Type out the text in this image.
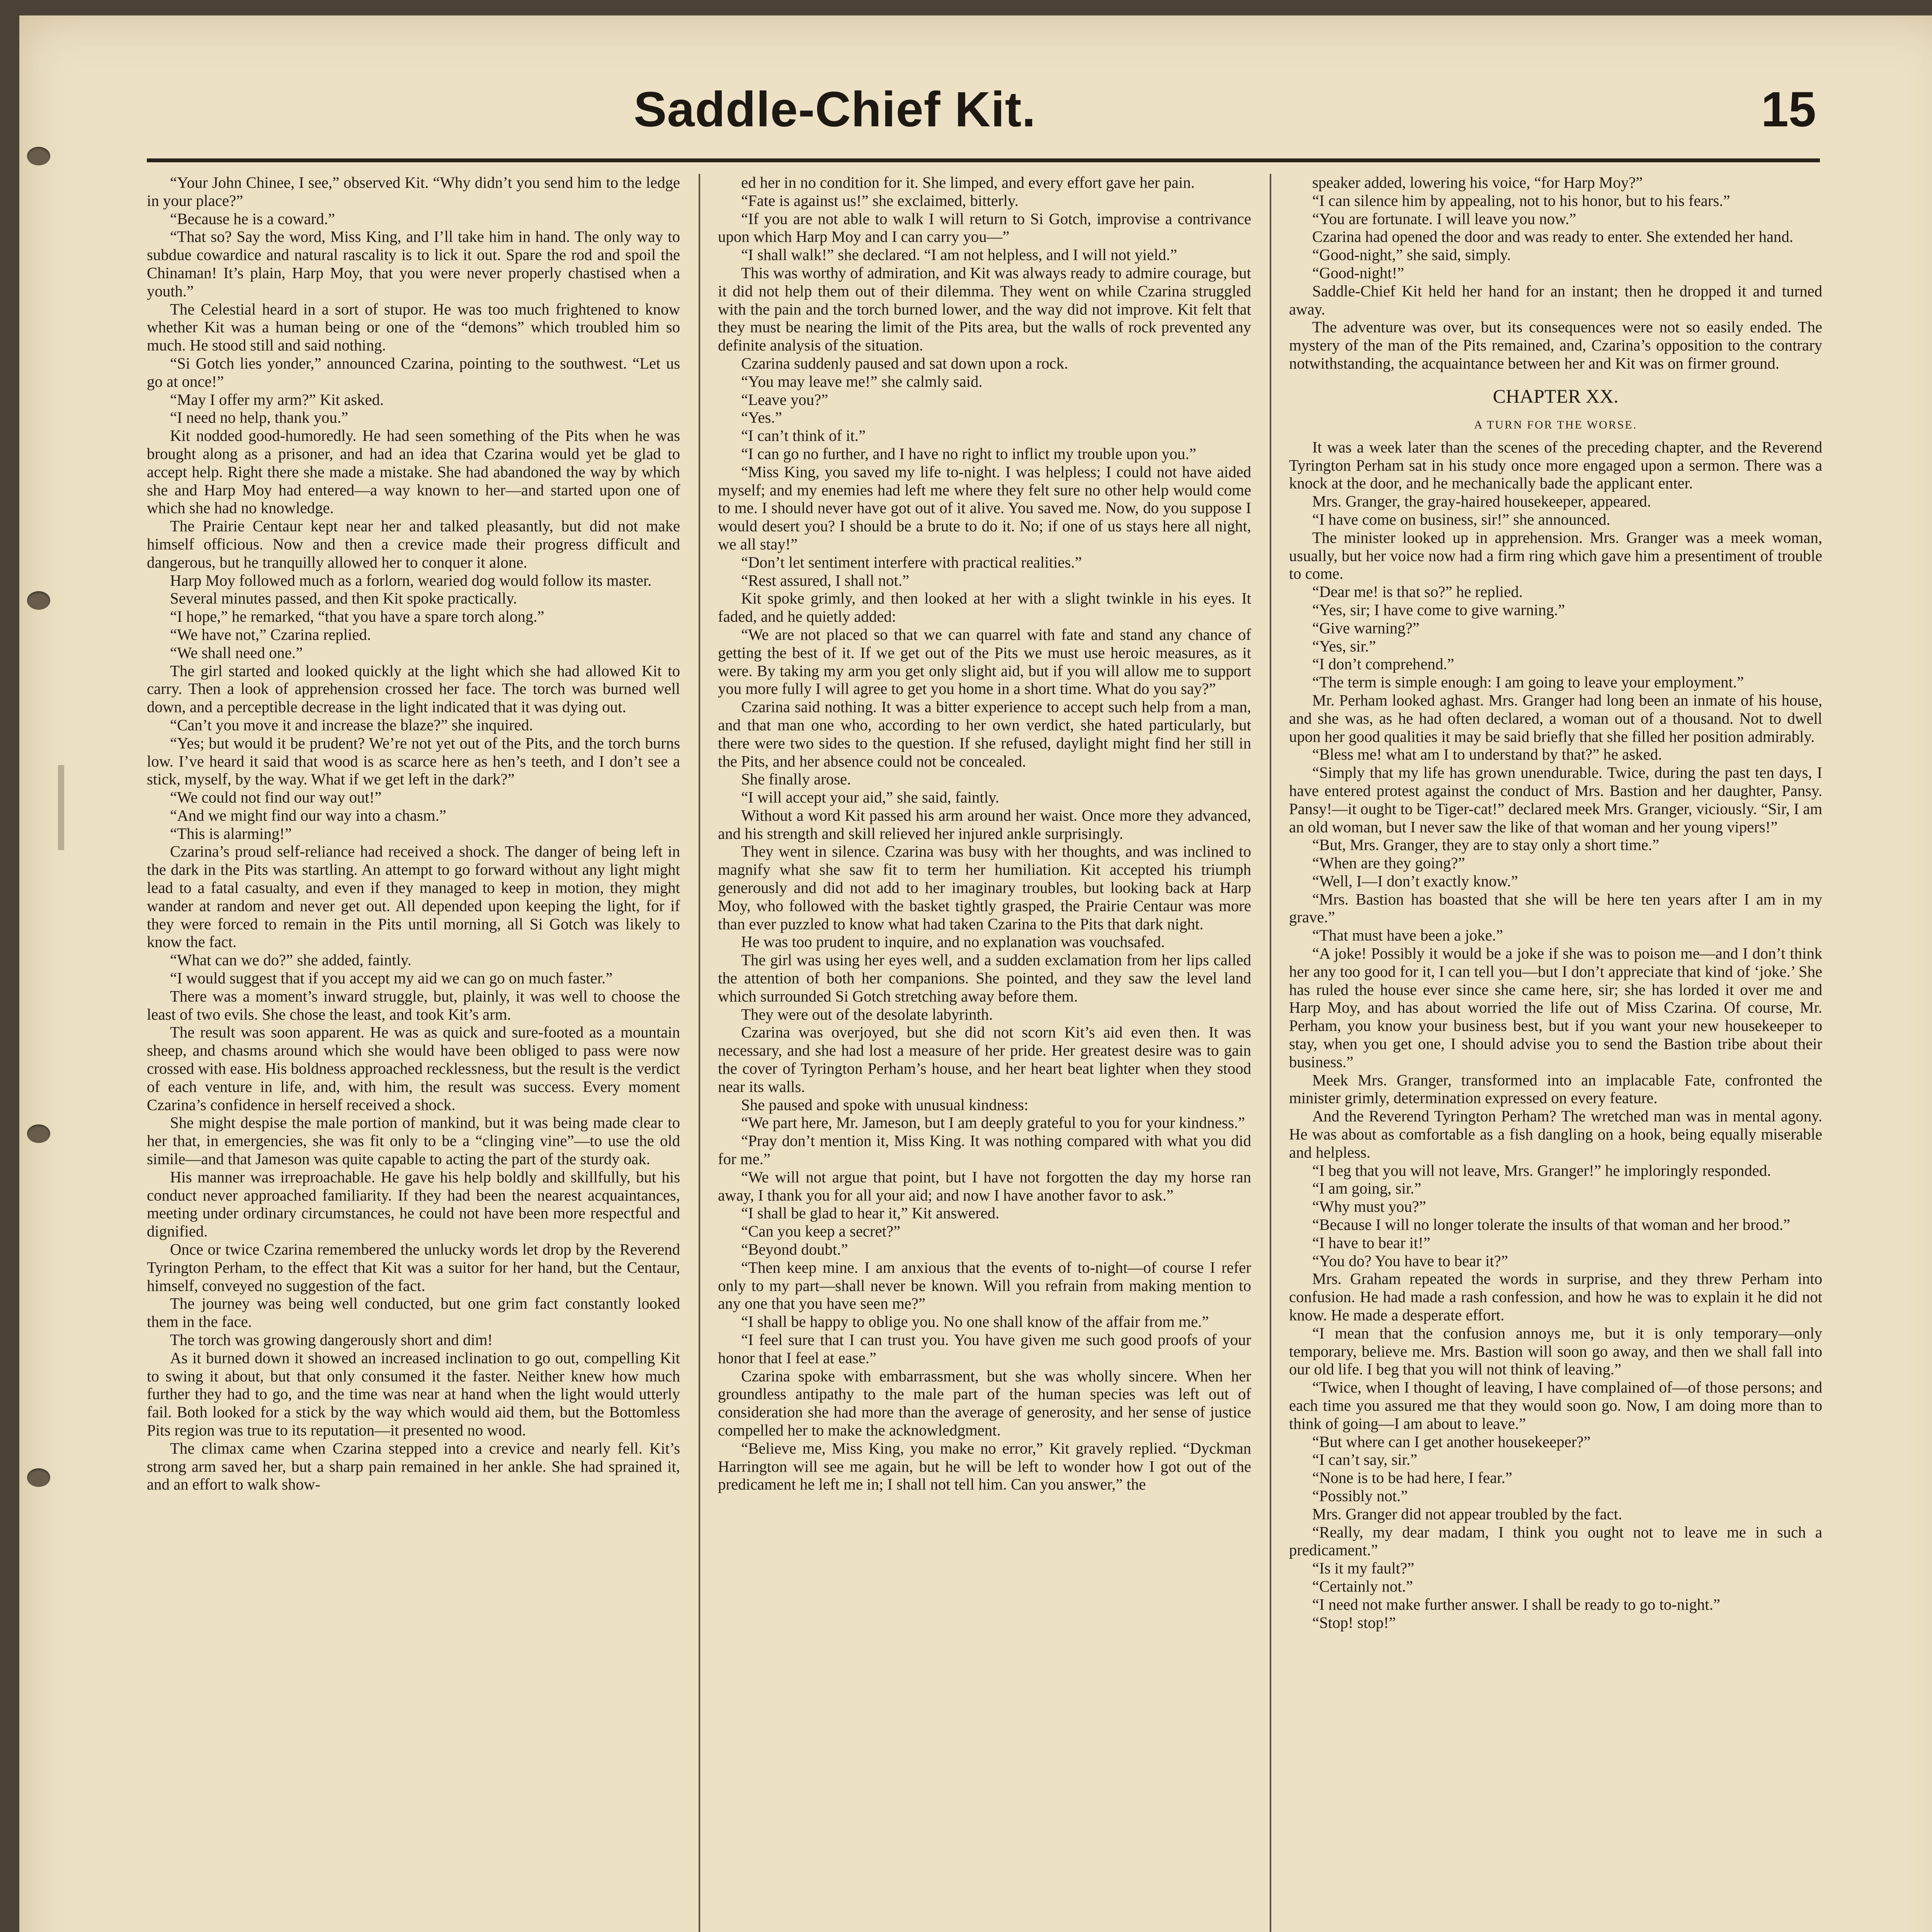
Saddle-Chief Kit.	15

“Your John Chinee, I see,” observed Kit. “Why didn’t you send him to the ledge in your place?”

“Because he is a coward.”

“That so? Say the word, Miss King, and I’ll take him in hand. The only way to subdue cowardice and natural rascality is to lick it out. Spare the rod and spoil the Chinaman! It’s plain, Harp Moy, that you were never properly chastised when a youth.”

The Celestial heard in a sort of stupor. He was too much frightened to know whether Kit was a human being or one of the “demons” which troubled him so much. He stood still and said nothing.

“Si Gotch lies yonder,” announced Czarina, pointing to the southwest. “Let us go at once!”

“May I offer my arm?” Kit asked.

“I need no help, thank you.”

Kit nodded good-humoredly. He had seen something of the Pits when he was brought along as a prisoner, and had an idea that Czarina would yet be glad to accept help. Right there she made a mistake. She had abandoned the way by which she and Harp Moy had entered—a way known to her—and started upon one of which she had no knowledge.

The Prairie Centaur kept near her and talked pleasantly, but did not make himself officious. Now and then a crevice made their progress difficult and dangerous, but he tranquilly allowed her to conquer it alone.

Harp Moy followed much as a forlorn, wearied dog would follow its master.

Several minutes passed, and then Kit spoke practically.

“I hope,” he remarked, “that you have a spare torch along.”

“We have not,” Czarina replied.

“We shall need one.”

The girl started and looked quickly at the light which she had allowed Kit to carry. Then a look of apprehension crossed her face. The torch was burned well down, and a perceptible decrease in the light indicated that it was dying out.

“Can’t you move it and increase the blaze?” she inquired.

“Yes; but would it be prudent? We’re not yet out of the Pits, and the torch burns low. I’ve heard it said that wood is as scarce here as hen’s teeth, and I don’t see a stick, myself, by the way. What if we get left in the dark?”

“We could not find our way out!”

“And we might find our way into a chasm.”

“This is alarming!”

Czarina’s proud self-reliance had received a shock. The danger of being left in the dark in the Pits was startling. An attempt to go forward without any light might lead to a fatal casualty, and even if they managed to keep in motion, they might wander at random and never get out. All depended upon keeping the light, for if they were forced to remain in the Pits until morning, all Si Gotch was likely to know the fact.

“What can we do?” she added, faintly.

“I would suggest that if you accept my aid we can go on much faster.”

There was a moment’s inward struggle, but, plainly, it was well to choose the least of two evils. She chose the least, and took Kit’s arm.

The result was soon apparent. He was as quick and sure-footed as a mountain sheep, and chasms around which she would have been obliged to pass were now crossed with ease. His boldness approached recklessness, but the result is the verdict of each venture in life, and, with him, the result was success. Every moment Czarina’s confidence in herself received a shock.

She might despise the male portion of mankind, but it was being made clear to her that, in emergencies, she was fit only to be a “clinging vine”—to use the old simile—and that Jameson was quite capable to acting the part of the sturdy oak.

His manner was irreproachable. He gave his help boldly and skillfully, but his conduct never approached familiarity. If they had been the nearest acquaintances, meeting under ordinary circumstances, he could not have been more respectful and dignified.

Once or twice Czarina remembered the unlucky words let drop by the Reverend Tyrington Perham, to the effect that Kit was a suitor for her hand, but the Centaur, himself, conveyed no suggestion of the fact.

The journey was being well conducted, but one grim fact constantly looked them in the face.

The torch was growing dangerously short and dim!

As it burned down it showed an increased inclination to go out, compelling Kit to swing it about, but that only consumed it the faster. Neither knew how much further they had to go, and the time was near at hand when the light would utterly fail. Both looked for a stick by the way which would aid them, but the Bottomless Pits region was true to its reputation—it presented no wood.

The climax came when Czarina stepped into a crevice and nearly fell. Kit’s strong arm saved her, but a sharp pain remained in her ankle. She had sprained it, and an effort to walk show-

ed her in no condition for it. She limped, and every effort gave her pain.

“Fate is against us!” she exclaimed, bitterly.

“If you are not able to walk I will return to Si Gotch, improvise a contrivance upon which Harp Moy and I can carry you—”

“I shall walk!” she declared. “I am not helpless, and I will not yield.”

This was worthy of admiration, and Kit was always ready to admire courage, but it did not help them out of their dilemma. They went on while Czarina struggled with the pain and the torch burned lower, and the way did not improve. Kit felt that they must be nearing the limit of the Pits area, but the walls of rock prevented any definite analysis of the situation.

Czarina suddenly paused and sat down upon a rock.

“You may leave me!” she calmly said.

“Leave you?”

“Yes.”

“I can’t think of it.”

“I can go no further, and I have no right to inflict my trouble upon you.”

“Miss King, you saved my life to-night. I was helpless; I could not have aided myself; and my enemies had left me where they felt sure no other help would come to me. I should never have got out of it alive. You saved me. Now, do you suppose I would desert you? I should be a brute to do it. No; if one of us stays here all night, we all stay!”

“Don’t let sentiment interfere with practical realities.”

“Rest assured, I shall not.”

Kit spoke grimly, and then looked at her with a slight twinkle in his eyes. It faded, and he quietly added:

“We are not placed so that we can quarrel with fate and stand any chance of getting the best of it. If we get out of the Pits we must use heroic measures, as it were. By taking my arm you get only slight aid, but if you will allow me to support you more fully I will agree to get you home in a short time. What do you say?”

Czarina said nothing. It was a bitter experience to accept such help from a man, and that man one who, according to her own verdict, she hated particularly, but there were two sides to the question. If she refused, daylight might find her still in the Pits, and her absence could not be concealed.

She finally arose.

“I will accept your aid,” she said, faintly.

Without a word Kit passed his arm around her waist. Once more they advanced, and his strength and skill relieved her injured ankle surprisingly.

They went in silence. Czarina was busy with her thoughts, and was inclined to magnify what she saw fit to term her humiliation. Kit accepted his triumph generously and did not add to her imaginary troubles, but looking back at Harp Moy, who followed with the basket tightly grasped, the Prairie Centaur was more than ever puzzled to know what had taken Czarina to the Pits that dark night.

He was too prudent to inquire, and no explanation was vouchsafed.

The girl was using her eyes well, and a sudden exclamation from her lips called the attention of both her companions. She pointed, and they saw the level land which surrounded Si Gotch stretching away before them.

They were out of the desolate labyrinth.

Czarina was overjoyed, but she did not scorn Kit’s aid even then. It was necessary, and she had lost a measure of her pride. Her greatest desire was to gain the cover of Tyrington Perham’s house, and her heart beat lighter when they stood near its walls.

She paused and spoke with unusual kindness:

“We part here, Mr. Jameson, but I am deeply grateful to you for your kindness.”

“Pray don’t mention it, Miss King. It was nothing compared with what you did for me.”

“We will not argue that point, but I have not forgotten the day my horse ran away, I thank you for all your aid; and now I have another favor to ask.”

“I shall be glad to hear it,” Kit answered.

“Can you keep a secret?”

“Beyond doubt.”

“Then keep mine. I am anxious that the events of to-night—of course I refer only to my part—shall never be known. Will you refrain from making mention to any one that you have seen me?”

“I shall be happy to oblige you. No one shall know of the affair from me.”

“I feel sure that I can trust you. You have given me such good proofs of your honor that I feel at ease.”

Czarina spoke with embarrassment, but she was wholly sincere. When her groundless antipathy to the male part of the human species was left out of consideration she had more than the average of generosity, and her sense of justice compelled her to make the acknowledgment.

“Believe me, Miss King, you make no error,” Kit gravely replied. “Dyckman Harrington will see me again, but he will be left to wonder how I got out of the predicament he left me in; I shall not tell him. Can you answer,” the

speaker added, lowering his voice, “for Harp Moy?”

“I can silence him by appealing, not to his honor, but to his fears.”

“You are fortunate. I will leave you now.”

Czarina had opened the door and was ready to enter. She extended her hand.

“Good-night,” she said, simply.

“Good-night!”

Saddle-Chief Kit held her hand for an instant; then he dropped it and turned away.

The adventure was over, but its consequences were not so easily ended. The mystery of the man of the Pits remained, and, Czarina’s opposition to the contrary notwithstanding, the acquaintance between her and Kit was on firmer ground.

CHAPTER XX.
A TURN FOR THE WORSE.

It was a week later than the scenes of the preceding chapter, and the Reverend Tyrington Perham sat in his study once more engaged upon a sermon. There was a knock at the door, and he mechanically bade the applicant enter.

Mrs. Granger, the gray-haired housekeeper, appeared.

“I have come on business, sir!” she announced.

The minister looked up in apprehension. Mrs. Granger was a meek woman, usually, but her voice now had a firm ring which gave him a presentiment of trouble to come.

“Dear me! is that so?” he replied.

“Yes, sir; I have come to give warning.”

“Give warning?”

“Yes, sir.”

“I don’t comprehend.”

“The term is simple enough: I am going to leave your employment.”

Mr. Perham looked aghast. Mrs. Granger had long been an inmate of his house, and she was, as he had often declared, a woman out of a thousand. Not to dwell upon her good qualities it may be said briefly that she filled her position admirably.

“Bless me! what am I to understand by that?” he asked.

“Simply that my life has grown unendurable. Twice, during the past ten days, I have entered protest against the conduct of Mrs. Bastion and her daughter, Pansy. Pansy!—it ought to be Tiger-cat!” declared meek Mrs. Granger, viciously. “Sir, I am an old woman, but I never saw the like of that woman and her young vipers!”

“But, Mrs. Granger, they are to stay only a short time.”

“When are they going?”

“Well, I—I don’t exactly know.”

“Mrs. Bastion has boasted that she will be here ten years after I am in my grave.”

“That must have been a joke.”

“A joke! Possibly it would be a joke if she was to poison me—and I don’t think her any too good for it, I can tell you—but I don’t appreciate that kind of ‘joke.’ She has ruled the house ever since she came here, sir; she has lorded it over me and Harp Moy, and has about worried the life out of Miss Czarina. Of course, Mr. Perham, you know your business best, but if you want your new housekeeper to stay, when you get one, I should advise you to send the Bastion tribe about their business.”

Meek Mrs. Granger, transformed into an implacable Fate, confronted the minister grimly, determination expressed on every feature.

And the Reverend Tyrington Perham? The wretched man was in mental agony. He was about as comfortable as a fish dangling on a hook, being equally miserable and helpless.

“I beg that you will not leave, Mrs. Granger!” he imploringly responded.

“I am going, sir.”

“Why must you?”

“Because I will no longer tolerate the insults of that woman and her brood.”

“I have to bear it!”

“You do? You have to bear it?”

Mrs. Graham repeated the words in surprise, and they threw Perham into confusion. He had made a rash confession, and how he was to explain it he did not know. He made a desperate effort.

“I mean that the confusion annoys me, but it is only temporary—only temporary, believe me. Mrs. Bastion will soon go away, and then we shall fall into our old life. I beg that you will not think of leaving.”

“Twice, when I thought of leaving, I have complained of—of those persons; and each time you assured me that they would soon go. Now, I am doing more than to think of going—I am about to leave.”

“But where can I get another housekeeper?”

“I can’t say, sir.”

“None is to be had here, I fear.”

“Possibly not.”

Mrs. Granger did not appear troubled by the fact.

“Really, my dear madam, I think you ought not to leave me in such a predicament.”

“Is it my fault?”

“Certainly not.”

“I need not make further answer. I shall be ready to go to-night.”

“Stop! stop!”
